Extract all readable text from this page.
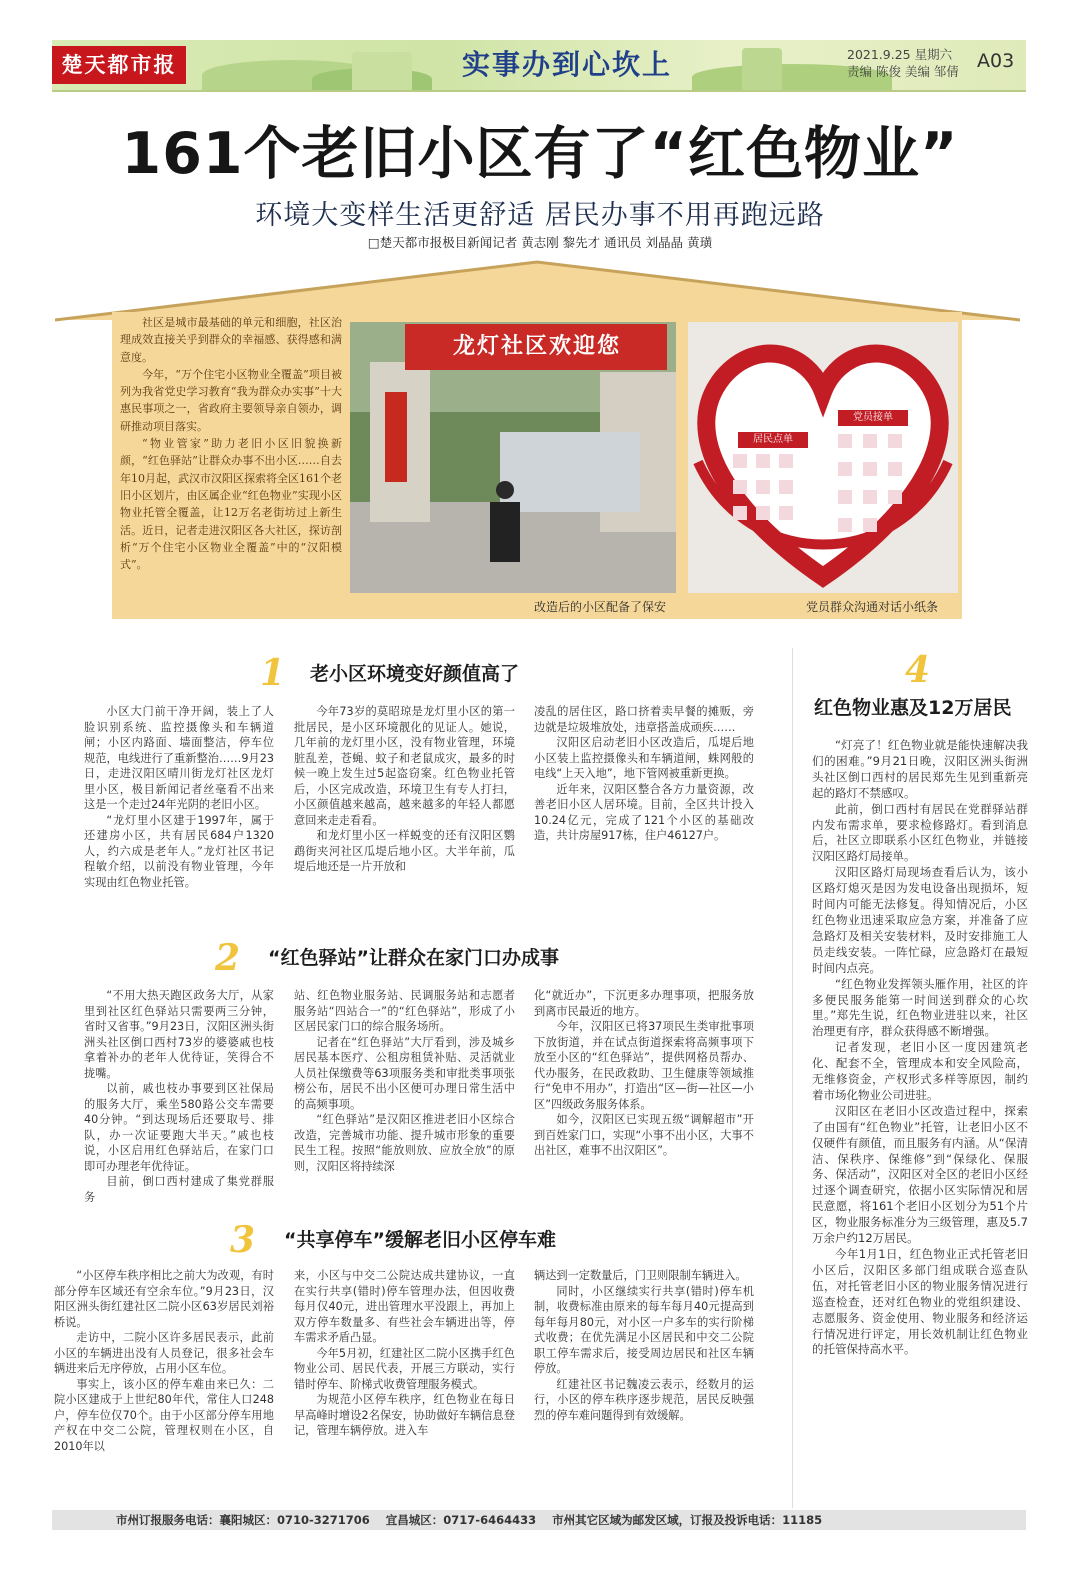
楚天都市报	实事办到心坎上	2021.9.25 星期六
责编 陈俊 美编 邹倩 A03
161个老旧小区有了“红色物业”
环境大变样生活更舒适 居民办事不用再跑远路
□楚天都市报极目新闻记者 黄志刚 黎先才 通讯员 刘晶晶 黄璜

社区是城市最基础的单元和细胞，社区治理成效直接关乎到群众的幸福感、获得感和满意度。

今年，“万个住宅小区物业全覆盖”项目被列为我省党史学习教育“我为群众办实事”十大惠民事项之一，省政府主要领导亲自领办，调研推动项目落实。

“物业管家”助力老旧小区旧貌换新颜，“红色驿站”让群众办事不出小区……自去年10月起，武汉市汉阳区探索将全区161个老旧小区划片，由区属企业“红色物业”实现小区物业托管全覆盖，让12万名老街坊过上新生活。近日，记者走进汉阳区各大社区，探访剖析“万个住宅小区物业全覆盖”中的“汉阳模式”。

龙灯社区欢迎您
改造后的小区配备了保安
居民点单
党员接单
党员群众沟通对话小纸条
1 老小区环境变好颜值高了

小区大门前干净开阔，装上了人脸识别系统、监控摄像头和车辆道闸；小区内路面、墙面整洁，停车位规范，电线进行了重新整治……9月23日，走进汉阳区晴川街龙灯社区龙灯里小区，极目新闻记者丝毫看不出来这是一个走过24年光阴的老旧小区。

“龙灯里小区建于1997年，属于还建房小区，共有居民684户1320人，约六成是老年人。”龙灯社区书记程敏介绍，以前没有物业管理，今年实现由红色物业托管。

今年73岁的莫昭琼是龙灯里小区的第一批居民，是小区环境靓化的见证人。她说，几年前的龙灯里小区，没有物业管理，环境脏乱差，苍蝇、蚊子和老鼠成灾，最多的时候一晚上发生过5起盗窃案。红色物业托管后，小区完成改造，环境卫生有专人打扫，小区颜值越来越高，越来越多的年轻人都愿意回来走走看看。

和龙灯里小区一样蜕变的还有汉阳区鹦鹉街夹河社区瓜堤后地小区。大半年前，瓜堤后地还是一片开放和

凌乱的居住区，路口挤着卖早餐的摊贩，旁边就是垃圾堆放处，违章搭盖成顽疾……

汉阳区启动老旧小区改造后，瓜堤后地小区装上监控摄像头和车辆道闸，蛛网般的电线“上天入地”，地下管网被重新更换。

近年来，汉阳区整合各方力量资源，改善老旧小区人居环境。目前，全区共计投入10.24亿元，完成了121个小区的基础改造，共计房屋917栋，住户46127户。

2 “红色驿站”让群众在家门口办成事

“不用大热天跑区政务大厅，从家里到社区红色驿站只需要两三分钟，省时又省事。”9月23日，汉阳区洲头街洲头社区倒口西村73岁的婆婆戚也枝拿着补办的老年人优待证，笑得合不拢嘴。

以前，戚也枝办事要到区社保局的服务大厅，乘坐580路公交车需要40分钟。“到达现场后还要取号、排队，办一次证要跑大半天。”戚也枝说，小区启用红色驿站后，在家门口即可办理老年优待证。

目前，倒口西村建成了集党群服务

站、红色物业服务站、民调服务站和志愿者服务站“四站合一”的“红色驿站”，形成了小区居民家门口的综合服务场所。

记者在“红色驿站”大厅看到，涉及城乡居民基本医疗、公租房租赁补贴、灵活就业人员社保缴费等63项服务类和审批类事项张榜公布，居民不出小区便可办理日常生活中的高频事项。

“红色驿站”是汉阳区推进老旧小区综合改造，完善城市功能、提升城市形象的重要民生工程。按照“能放则放、应放全放”的原则，汉阳区将持续深

化“就近办”，下沉更多办理事项，把服务放到离市民最近的地方。

今年，汉阳区已将37项民生类审批事项下放街道，并在试点街道探索将高频事项下放至小区的“红色驿站”，提供网格员帮办、代办服务，在民政救助、卫生健康等领域推行“免申不用办”，打造出“区—街—社区—小区”四级政务服务体系。

如今，汉阳区已实现五级“调解超市”开到百姓家门口，实现“小事不出小区，大事不出社区，难事不出汉阳区”。

3 “共享停车”缓解老旧小区停车难

“小区停车秩序相比之前大为改观，有时部分停车区域还有空余车位。”9月23日，汉阳区洲头街红建社区二院小区63岁居民刘裕桥说。

走访中，二院小区许多居民表示，此前小区的车辆进出没有人员登记，很多社会车辆进来后无序停放，占用小区车位。

事实上，该小区的停车难由来已久：二院小区建成于上世纪80年代，常住人口248户，停车位仅70个。由于小区部分停车用地产权在中交二公院，管理权则在小区，自2010年以

来，小区与中交二公院达成共建协议，一直在实行共享(错时)停车管理办法，但因收费每月仅40元，进出管理水平没跟上，再加上双方停车数量多、有些社会车辆进出等，停车需求矛盾凸显。

今年5月初，红建社区二院小区携手红色物业公司、居民代表，开展三方联动，实行错时停车、阶梯式收费管理服务模式。

为规范小区停车秩序，红色物业在每日早高峰时增设2名保安，协助做好车辆信息登记，管理车辆停放。进入车

辆达到一定数量后，门卫则限制车辆进入。

同时，小区继续实行共享(错时)停车机制，收费标准由原来的每车每月40元提高到每年每月80元，对小区一户多车的实行阶梯式收费；在优先满足小区居民和中交二公院职工停车需求后，接受周边居民和社区车辆停放。

红建社区书记魏凌云表示，经数月的运行，小区的停车秩序逐步规范，居民反映强烈的停车难问题得到有效缓解。

4
红色物业惠及12万居民

“灯亮了！红色物业就是能快速解决我们的困难。”9月21日晚，汉阳区洲头街洲头社区倒口西村的居民郑先生见到重新亮起的路灯不禁感叹。

此前，倒口西村有居民在党群驿站群内发布需求单，要求检修路灯。看到消息后，社区立即联系小区红色物业，并链接汉阳区路灯局接单。

汉阳区路灯局现场查看后认为，该小区路灯熄灭是因为发电设备出现损坏，短时间内可能无法修复。得知情况后，小区红色物业迅速采取应急方案，并准备了应急路灯及相关安装材料，及时安排施工人员走线安装。一阵忙碌，应急路灯在最短时间内点亮。

“红色物业发挥领头雁作用，社区的许多便民服务能第一时间送到群众的心坎里。”郑先生说，红色物业进驻以来，社区治理更有序，群众获得感不断增强。

记者发现，老旧小区一度因建筑老化、配套不全，管理成本和安全风险高，无维修资金，产权形式多样等原因，制约着市场化物业公司进驻。

汉阳区在老旧小区改造过程中，探索了由国有“红色物业”托管，让老旧小区不仅硬件有颜值，而且服务有内涵。从“保清洁、保秩序、保维修”到“保绿化、保服务、保活动”，汉阳区对全区的老旧小区经过逐个调查研究，依据小区实际情况和居民意愿，将161个老旧小区划分为51个片区，物业服务标准分为三级管理，惠及5.7万余户约12万居民。

今年1月1日，红色物业正式托管老旧小区后，汉阳区多部门组成联合巡查队伍，对托管老旧小区的物业服务情况进行巡查检查，还对红色物业的党组织建设、志愿服务、资金使用、物业服务和经济运行情况进行评定，用长效机制让红色物业的托管保持高水平。

市州订报服务电话：襄阳城区：0710-3271706    宜昌城区：0717-6464433    市州其它区域为邮发区域，订报及投诉电话：11185
